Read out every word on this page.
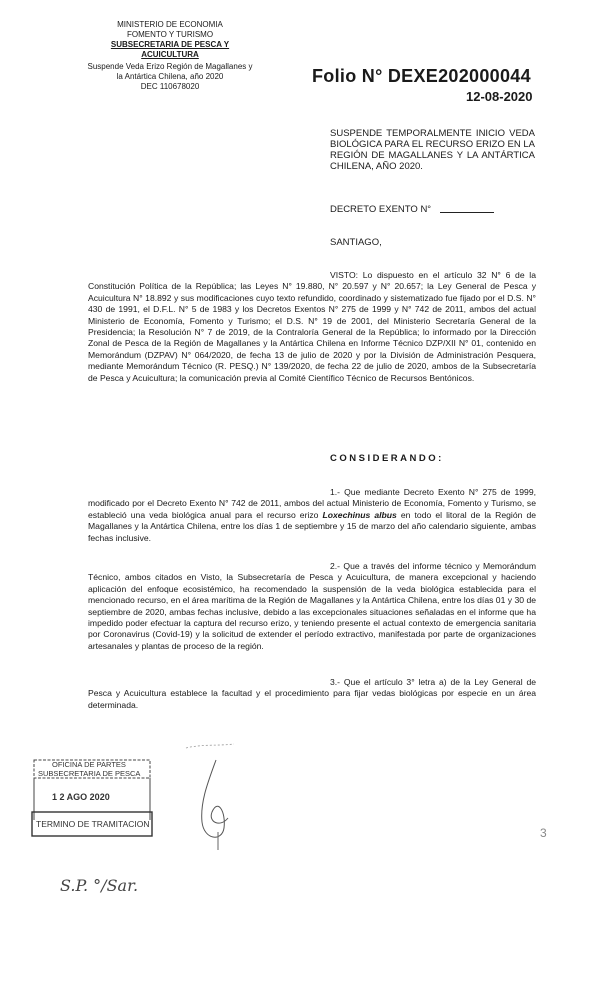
MINISTERIO DE ECONOMIA
FOMENTO Y TURISMO
SUBSECRETARIA DE PESCA Y
ACUICULTURA
Suspende Veda Erizo Región de Magallanes y
la Antártica Chilena, año 2020
DEC 110678020
Folio N° DEXE202000044
12-08-2020
SUSPENDE TEMPORALMENTE INICIO VEDA BIOLÓGICA PARA EL RECURSO ERIZO EN LA REGIÓN DE MAGALLANES Y LA ANTÁRTICA CHILENA, AÑO 2020.
DECRETO EXENTO N°
SANTIAGO,
VISTO: Lo dispuesto en el artículo 32 N° 6 de la Constitución Política de la República; las Leyes N° 19.880, N° 20.597 y N° 20.657; la Ley General de Pesca y Acuicultura N° 18.892 y sus modificaciones cuyo texto refundido, coordinado y sistematizado fue fijado por el D.S. N° 430 de 1991, el D.F.L. N° 5 de 1983 y los Decretos Exentos N° 275 de 1999 y N° 742 de 2011, ambos del actual Ministerio de Economía, Fomento y Turismo; el D.S. N° 19 de 2001, del Ministerio Secretaría General de la Presidencia; la Resolución N° 7 de 2019, de la Contraloría General de la República; lo informado por la Dirección Zonal de Pesca de la Región de Magallanes y la Antártica Chilena en Informe Técnico DZP/XII N° 01, contenido en Memorándum (DZPAV) N° 064/2020, de fecha 13 de julio de 2020 y por la División de Administración Pesquera, mediante Memorándum Técnico (R. PESQ.) N° 139/2020, de fecha 22 de julio de 2020, ambos de la Subsecretaría de Pesca y Acuicultura; la comunicación previa al Comité Científico Técnico de Recursos Bentónicos.
CONSIDERANDO:
1.- Que mediante Decreto Exento N° 275 de 1999, modificado por el Decreto Exento N° 742 de 2011, ambos del actual Ministerio de Economía, Fomento y Turismo, se estableció una veda biológica anual para el recurso erizo Loxechinus albus en todo el litoral de la Región de Magallanes y la Antártica Chilena, entre los días 1 de septiembre y 15 de marzo del año calendario siguiente, ambas fechas inclusive.
2.- Que a través del informe técnico y Memorándum Técnico, ambos citados en Visto, la Subsecretaría de Pesca y Acuicultura, de manera excepcional y haciendo aplicación del enfoque ecosistémico, ha recomendado la suspensión de la veda biológica establecida para el mencionado recurso, en el área marítima de la Región de Magallanes y la Antártica Chilena, entre los días 01 y 30 de septiembre de 2020, ambas fechas inclusive, debido a las excepcionales situaciones señaladas en el informe que ha impedido poder efectuar la captura del recurso erizo, y teniendo presente el actual contexto de emergencia sanitaria por Coronavirus (Covid-19) y la solicitud de extender el período extractivo, manifestada por parte de organizaciones artesanales y plantas de proceso de la región.
3.- Que el artículo 3° letra a) de la Ley General de Pesca y Acuicultura establece la facultad y el procedimiento para fijar vedas biológicas por especie en un área determinada.
OFICINA DE PARTES
SUBSECRETARIA DE PESCA
1 2 AGO 2020
TERMINO DE TRAMITACION
S.P. °/Sar.
3
